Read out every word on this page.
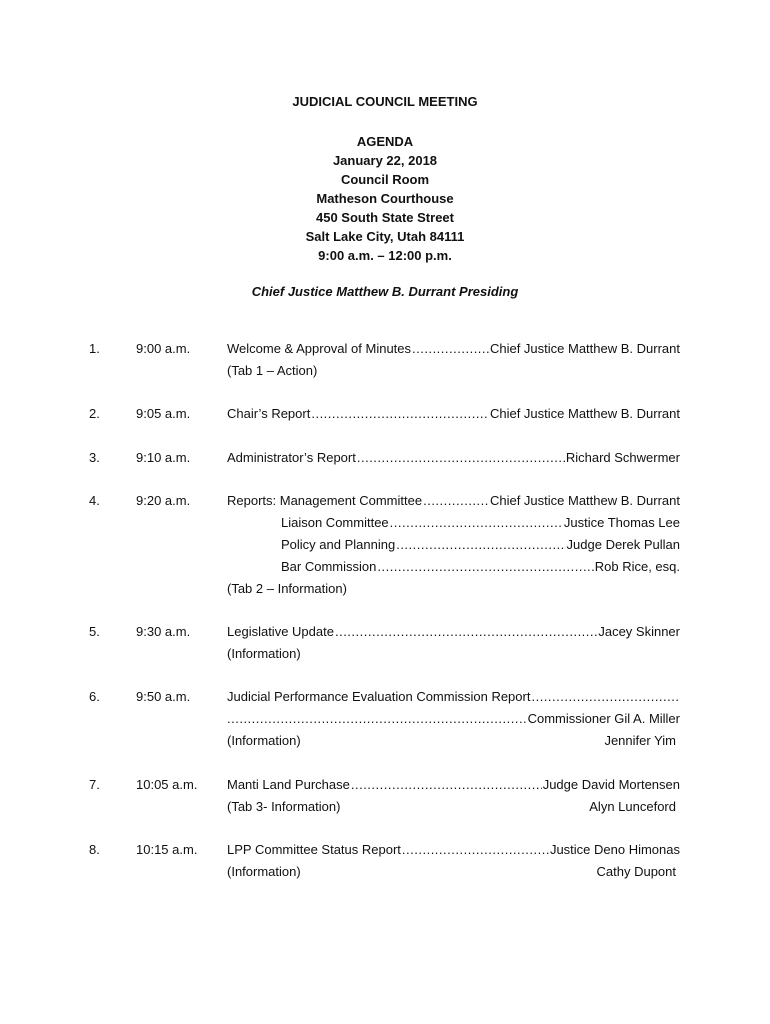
JUDICIAL COUNCIL MEETING
AGENDA
January 22, 2018
Council Room
Matheson Courthouse
450 South State Street
Salt Lake City, Utah 84111
9:00 a.m. – 12:00 p.m.
Chief Justice Matthew B. Durrant Presiding
1.	9:00 a.m.	Welcome & Approval of Minutes .....	Chief Justice Matthew B. Durrant
(Tab 1 – Action)
2.	9:05 a.m.	Chair’s Report .....	Chief Justice Matthew B. Durrant
3.	9:10 a.m.	Administrator’s Report .....	Richard Schwermer
4.	9:20 a.m.	Reports: Management Committee .....	Chief Justice Matthew B. Durrant
Liaison Committee .....	Justice Thomas Lee
Policy and Planning .....	Judge Derek Pullan
Bar Commission .....	Rob Rice, esq.
(Tab 2 – Information)
5.	9:30 a.m.	Legislative Update .....	Jacey Skinner
(Information)
6.	9:50 a.m.	Judicial Performance Evaluation Commission Report
.....
.....
Commissioner Gil A. Miller
(Information)	Jennifer Yim
7.	10:05 a.m. Manti Land Purchase .....	Judge David Mortensen
(Tab 3- Information)	Alyn Lunceford
8.	10:15 a.m. LPP Committee Status Report .....	Justice Deno Himonas
(Information)	Cathy Dupont
